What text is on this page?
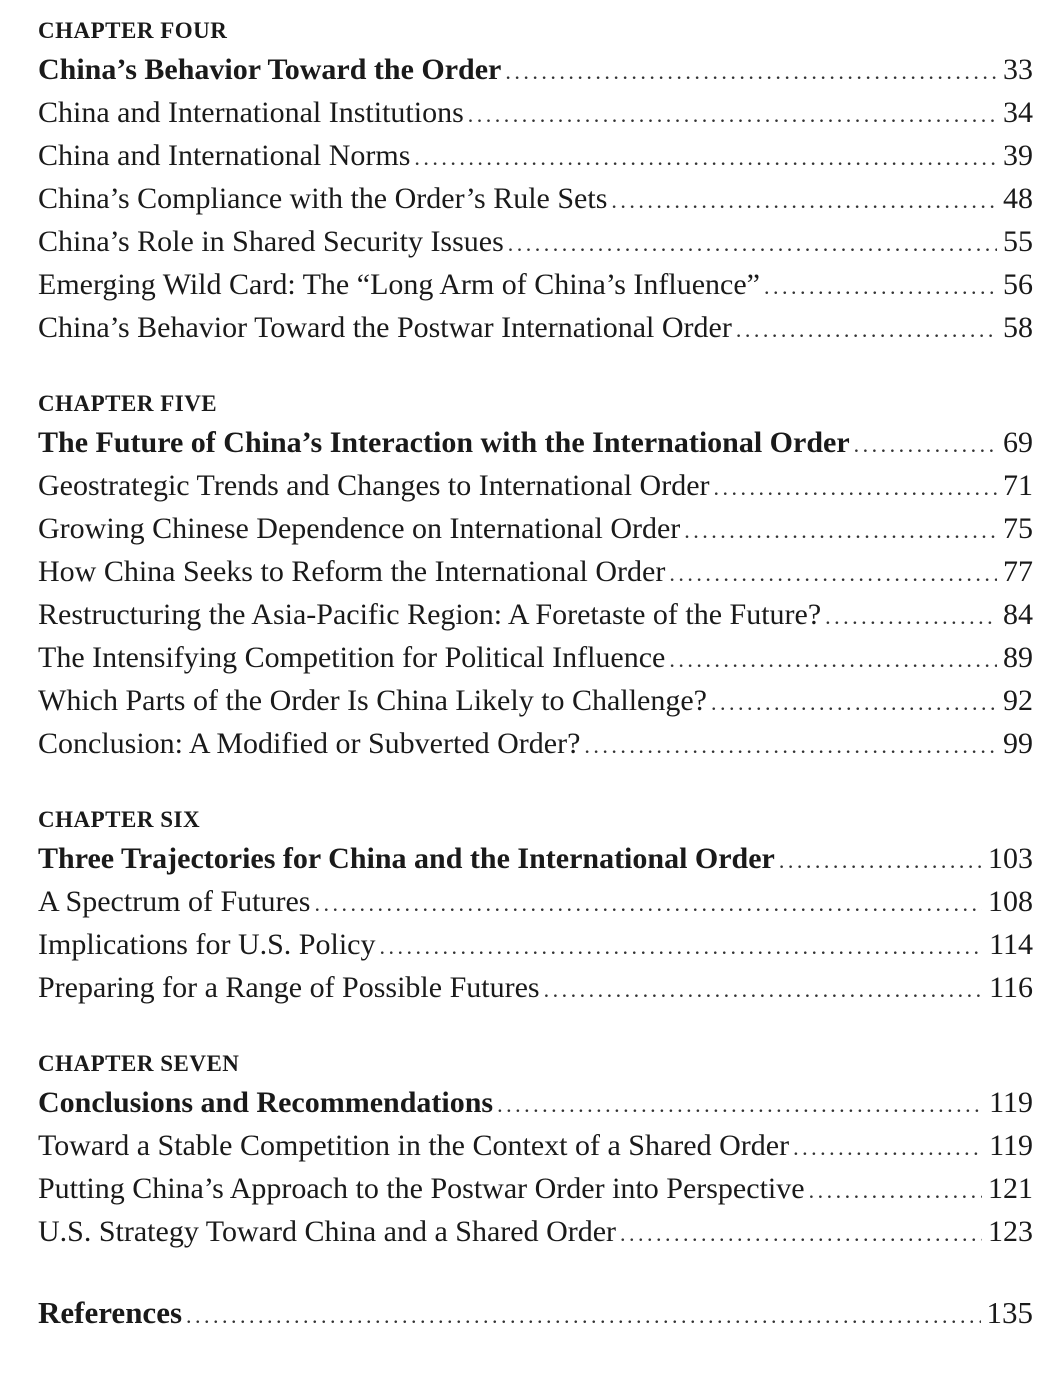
CHAPTER FOUR
China’s Behavior Toward the Order . . .	33
China and International Institutions . . .	34
China and International Norms . . .	39
China’s Compliance with the Order’s Rule Sets . . .	48
China’s Role in Shared Security Issues . . .	55
Emerging Wild Card: The “Long Arm of China’s Influence” . . .	56
China’s Behavior Toward the Postwar International Order . . .	58
CHAPTER FIVE
The Future of China’s Interaction with the International Order . . .	69
Geostrategic Trends and Changes to International Order . . .	71
Growing Chinese Dependence on International Order . . .	75
How China Seeks to Reform the International Order . . .	77
Restructuring the Asia-Pacific Region: A Foretaste of the Future? . . .	84
The Intensifying Competition for Political Influence . . .	89
Which Parts of the Order Is China Likely to Challenge? . . .	92
Conclusion: A Modified or Subverted Order? . . .	99
CHAPTER SIX
Three Trajectories for China and the International Order . . .	103
A Spectrum of Futures . . .	108
Implications for U.S. Policy . . .	114
Preparing for a Range of Possible Futures . . .	116
CHAPTER SEVEN
Conclusions and Recommendations . . .	119
Toward a Stable Competition in the Context of a Shared Order . . .	119
Putting China’s Approach to the Postwar Order into Perspective . . .	121
U.S. Strategy Toward China and a Shared Order . . .	123
References . . .	135
